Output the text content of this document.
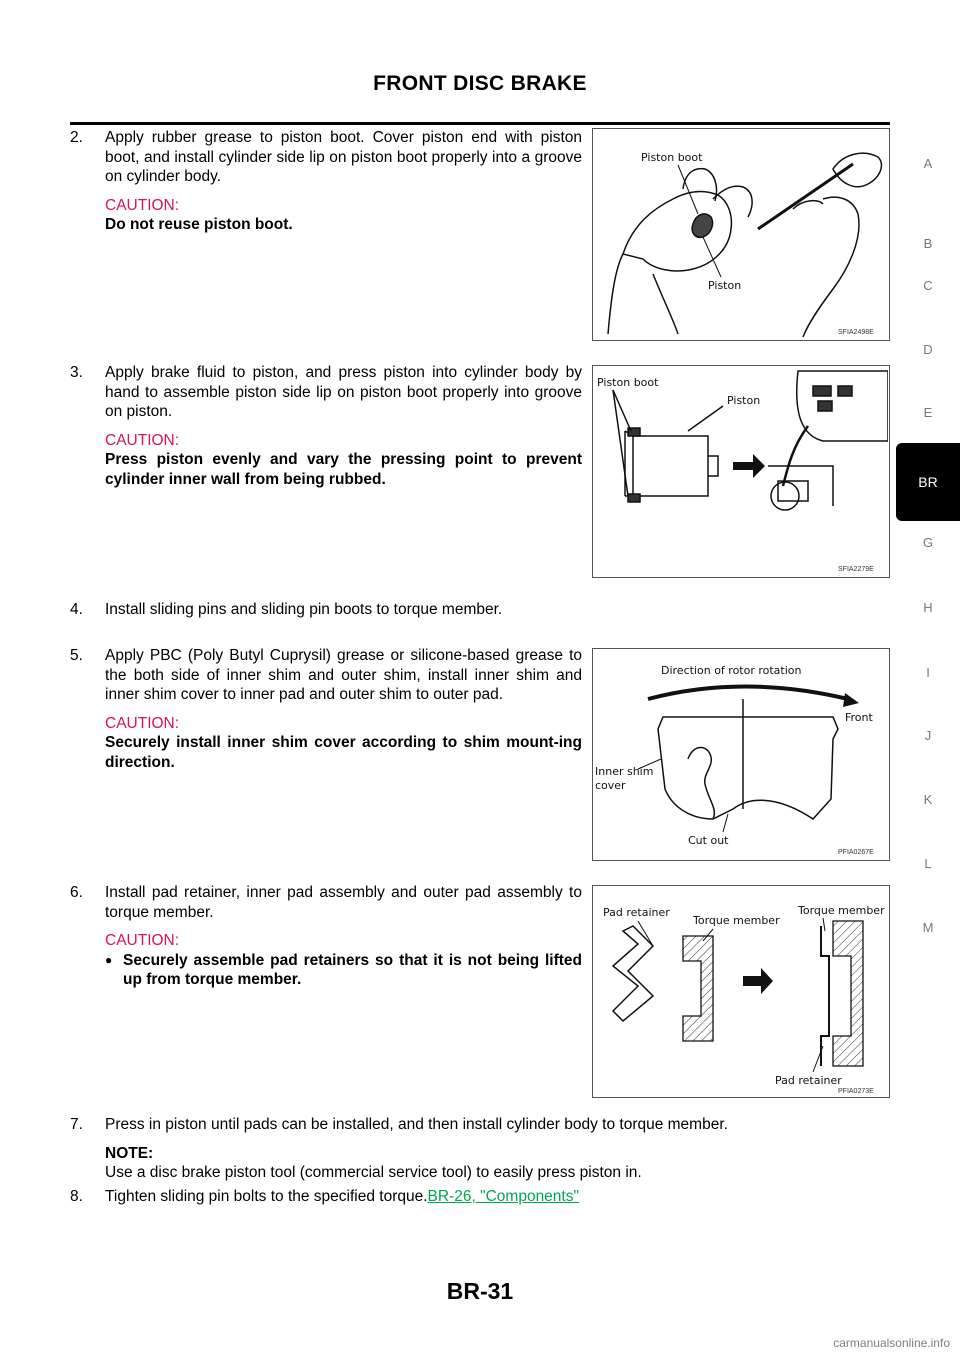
FRONT DISC BRAKE
A
B
C
D
E
BR
G
H
I
J
K
L
M
2.	Apply rubber grease to piston boot. Cover piston end with piston boot, and install cylinder side lip on piston boot properly into a groove on cylinder body.
CAUTION:
Do not reuse piston boot.
3.	Apply brake fluid to piston, and press piston into cylinder body by hand to assemble piston side lip on piston boot properly into groove on piston.
CAUTION:
Press piston evenly and vary the pressing point to prevent cylinder inner wall from being rubbed.
4.	Install sliding pins and sliding pin boots to torque member.
5.	Apply PBC (Poly Butyl Cuprysil) grease or silicone-based grease to the both side of inner shim and outer shim, install inner shim and inner shim cover to inner pad and outer shim to outer pad.
CAUTION:
Securely install inner shim cover according to shim mount-ing direction.
6.	Install pad retainer, inner pad assembly and outer pad assembly to torque member.
CAUTION:
● Securely assemble pad retainers so that it is not being lifted up from torque member.
7.	Press in piston until pads can be installed, and then install cylinder body to torque member.
NOTE:
Use a disc brake piston tool (commercial service tool) to easily press piston in.
8.	Tighten sliding pin bolts to the specified torque.BR-26, "Components"
Piston boot
Piston
SFIA2498E
Piston boot
Piston
SFIA2279E
Direction of rotor rotation
Front
Inner shim
cover
Cut out
PFIA0267E
Pad retainer
Torque member
Torque member
Pad retainer
PFIA0273E
BR-31
carmanualsonline.info
